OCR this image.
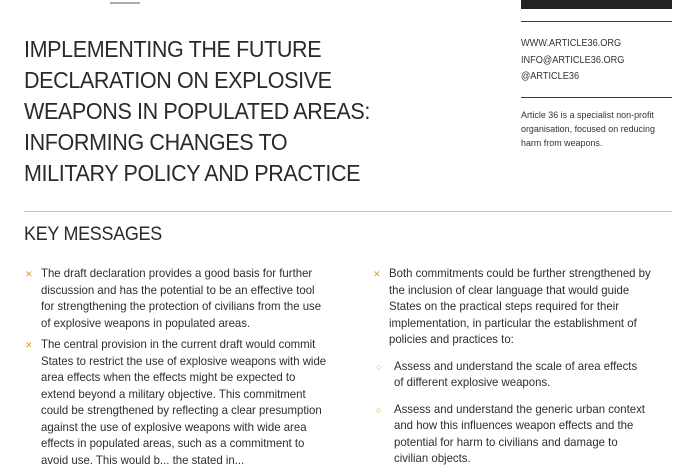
IMPLEMENTING THE FUTURE
DECLARATION ON EXPLOSIVE
WEAPONS IN POPULATED AREAS:
INFORMING CHANGES TO
MILITARY POLICY AND PRACTICE
WWW.ARTICLE36.ORG
INFO@ARTICLE36.ORG
@ARTICLE36

Article 36 is a specialist non-profit
organisation, focused on reducing
harm from weapons.

KEY MESSAGES
✕ The draft declaration provides a good basis for further
discussion and has the potential to be an effective tool
for strengthening the protection of civilians from the use
of explosive weapons in populated areas.
✕ The central provision in the current draft would commit
States to restrict the use of explosive weapons with wide
area effects when the effects might be expected to
extend beyond a military objective. This commitment
could be strengthened by reflecting a clear presumption
against the use of explosive weapons with wide area
effects in populated areas, such as a commitment to
avoid use. This would b... the stated in...
✕ Both commitments could be further strengthened by
the inclusion of clear language that would guide
States on the practical steps required for their
implementation, in particular the establishment of
policies and practices to:
○ Assess and understand the scale of area effects
of different explosive weapons.
○ Assess and understand the generic urban context
and how this influences weapon effects and the
potential for harm to civilians and damage to
civilian objects.
